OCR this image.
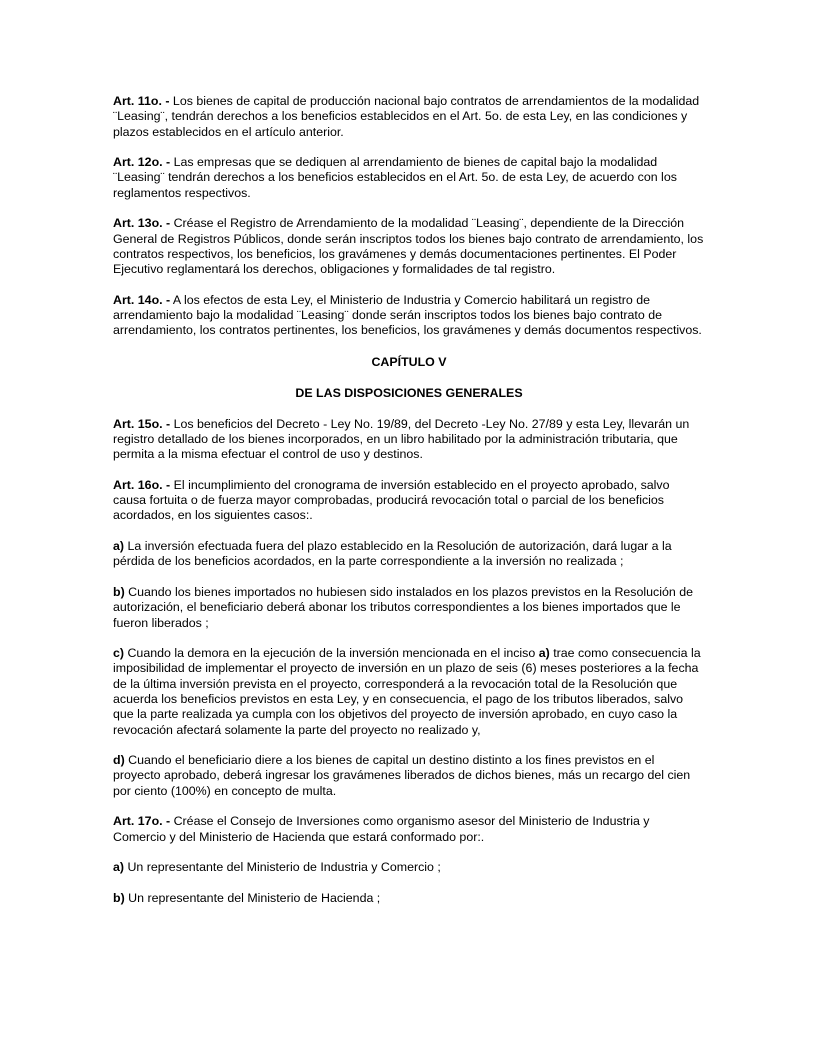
Art. 11o. - Los bienes de capital de producción nacional bajo contratos de arrendamientos de la modalidad ¨Leasing¨, tendrán derechos a los beneficios establecidos en el Art. 5o. de esta Ley, en las condiciones y plazos establecidos en el artículo anterior.

Art. 12o. - Las empresas que se dediquen al arrendamiento de bienes de capital bajo la modalidad ¨Leasing¨ tendrán derechos a los beneficios establecidos en el Art. 5o. de esta Ley, de acuerdo con los reglamentos respectivos.

Art. 13o. - Créase el Registro de Arrendamiento de la modalidad ¨Leasing¨, dependiente de la Dirección General de Registros Públicos, donde serán inscriptos todos los bienes bajo contrato de arrendamiento, los contratos respectivos, los beneficios, los gravámenes y demás documentaciones pertinentes. El Poder Ejecutivo reglamentará los derechos, obligaciones y formalidades de tal registro.

Art. 14o. - A los efectos de esta Ley, el Ministerio de Industria y Comercio habilitará un registro de arrendamiento bajo la modalidad ¨Leasing¨ donde serán inscriptos todos los bienes bajo contrato de arrendamiento, los contratos pertinentes, los beneficios, los gravámenes y demás documentos respectivos.

CAPÍTULO V
DE LAS DISPOSICIONES GENERALES

Art. 15o. - Los beneficios del Decreto - Ley No. 19/89, del Decreto -Ley No. 27/89 y esta Ley, llevarán un registro detallado de los bienes incorporados, en un libro habilitado por la administración tributaria, que permita a la misma efectuar el control de uso y destinos.

Art. 16o. - El incumplimiento del cronograma de inversión establecido en el proyecto aprobado, salvo causa fortuita o de fuerza mayor comprobadas, producirá revocación total o parcial de los beneficios acordados, en los siguientes casos:.

a) La inversión efectuada fuera del plazo establecido en la Resolución de autorización, dará lugar a la pérdida de los beneficios acordados, en la parte correspondiente a la inversión no realizada ;

b) Cuando los bienes importados no hubiesen sido instalados en los plazos previstos en la Resolución de autorización, el beneficiario deberá abonar los tributos correspondientes a los bienes importados que le fueron liberados ;

c) Cuando la demora en la ejecución de la inversión mencionada en el inciso a) trae como consecuencia la imposibilidad de implementar el proyecto de inversión en un plazo de seis (6) meses posteriores a la fecha de la última inversión prevista en el proyecto, corresponderá a la revocación total de la Resolución que acuerda los beneficios previstos en esta Ley, y en consecuencia, el pago de los tributos liberados, salvo que la parte realizada ya cumpla con los objetivos del proyecto de inversión aprobado, en cuyo caso la revocación afectará solamente la parte del proyecto no realizado y,

d) Cuando el beneficiario diere a los bienes de capital un destino distinto a los fines previstos en el proyecto aprobado, deberá ingresar los gravámenes liberados de dichos bienes, más un recargo del cien por ciento (100%) en concepto de multa.

Art. 17o. - Créase el Consejo de Inversiones como organismo asesor del Ministerio de Industria y Comercio y del Ministerio de Hacienda que estará conformado por:.

a) Un representante del Ministerio de Industria y Comercio ;

b) Un representante del Ministerio de Hacienda ;
